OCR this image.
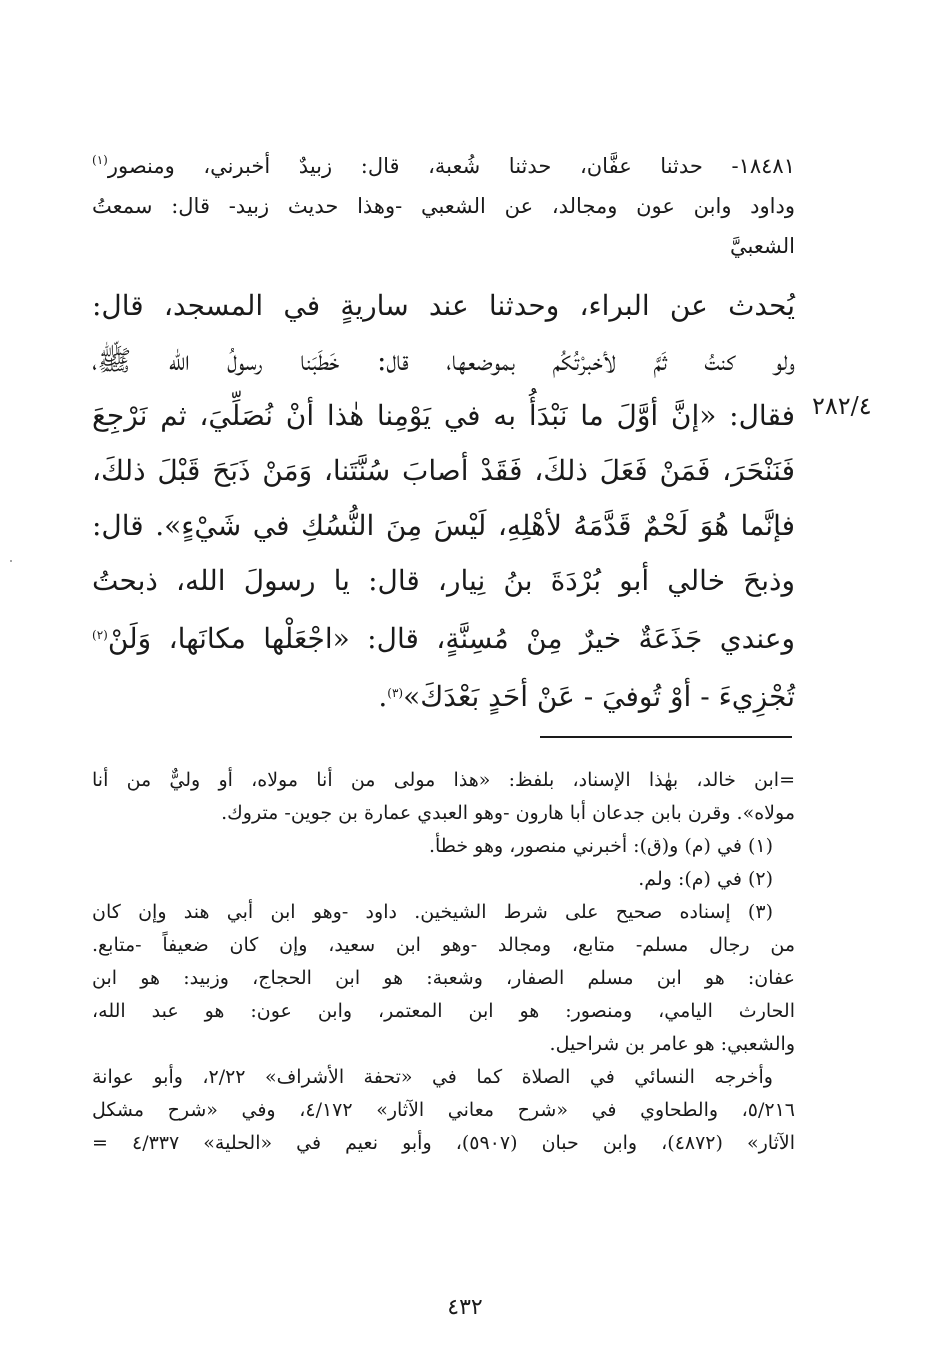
١٨٤٨١- حدثنا عفَّان، حدثنا شُعبة، قال: زبيدٌ أخبرني، ومنصور$^{(١)}$
وداود وابن عون ومجالد، عن الشعبي -وهذا حديث زبيد- قال: سمعتُ
الشعبيَّ
يُحدث عن البراء، وحدثنا عند ساريةٍ في المسجد، قال:
ولو كنتُ ثَمَّ لأخبرْتُكُم بموضعها، قال: خَطَبَنا رسولُ الله ﷺ،
فقال: «إنَّ أوَّلَ ما نَبْدَأُ به في يَوْمِنا هٰذا أنْ نُصَلِّيَ، ثم نَرْجِعَ
فَنَنْحَرَ، فَمَنْ فَعَلَ ذلكَ، فَقَدْ أصابَ سُنَّتَنا، وَمَنْ ذَبَحَ قَبْلَ ذلكَ،
فإنَّما هُوَ لَحْمٌ قَدَّمَهُ لأهْلِهِ، لَيْسَ مِنَ النُّسُكِ في شَيْءٍ». قال:
وذبحَ خالي أبو بُرْدَةَ بنُ نِيار، قال: يا رسولَ الله، ذبحتُ
وعندي جَذَعَةٌ خيرٌ مِنْ مُسِنَّةٍ، قال: «اجْعَلْها مكانَها، وَلَنْ$^{(٢)}$
تُجْزِيءَ - أوْ تُوفيَ - عَنْ أحَدٍ بَعْدَكَ»$^{(٣)}$.
٢٨٢/٤
=ابن خالد، بهٰذا الإسناد، بلفظ: «هذا مولى من أنا مولاه، أو وليٌّ من أنا
مولاه». وقرن بابن جدعان أبا هارون -وهو العبدي عمارة بن جوين- متروك.
(١) في (م) و(ق): أخبرني منصور، وهو خطأ.
(٢) في (م): ولم.
(٣) إسناده صحيح على شرط الشيخين. داود -وهو ابن أبي هند وإن كان
من رجال مسلم- متابع، ومجالد -وهو ابن سعيد، وإن كان ضعيفاً -متابع.
عفان: هو ابن مسلم الصفار، وشعبة: هو ابن الحجاج، وزبيد: هو ابن
الحارث اليامي، ومنصور: هو ابن المعتمر، وابن عون: هو عبد الله،
والشعبي: هو عامر بن شراحيل.
وأخرجه النسائي في الصلاة كما في «تحفة الأشراف» ٢/٢٢، وأبو عوانة
٥/٢١٦، والطحاوي في «شرح معاني الآثار» ٤/١٧٢، وفي «شرح مشكل
الآثار» (٤٨٧٢)، وابن حبان (٥٩٠٧)، وأبو نعيم في «الحلية» ٤/٣٣٧ =
٤٣٢
